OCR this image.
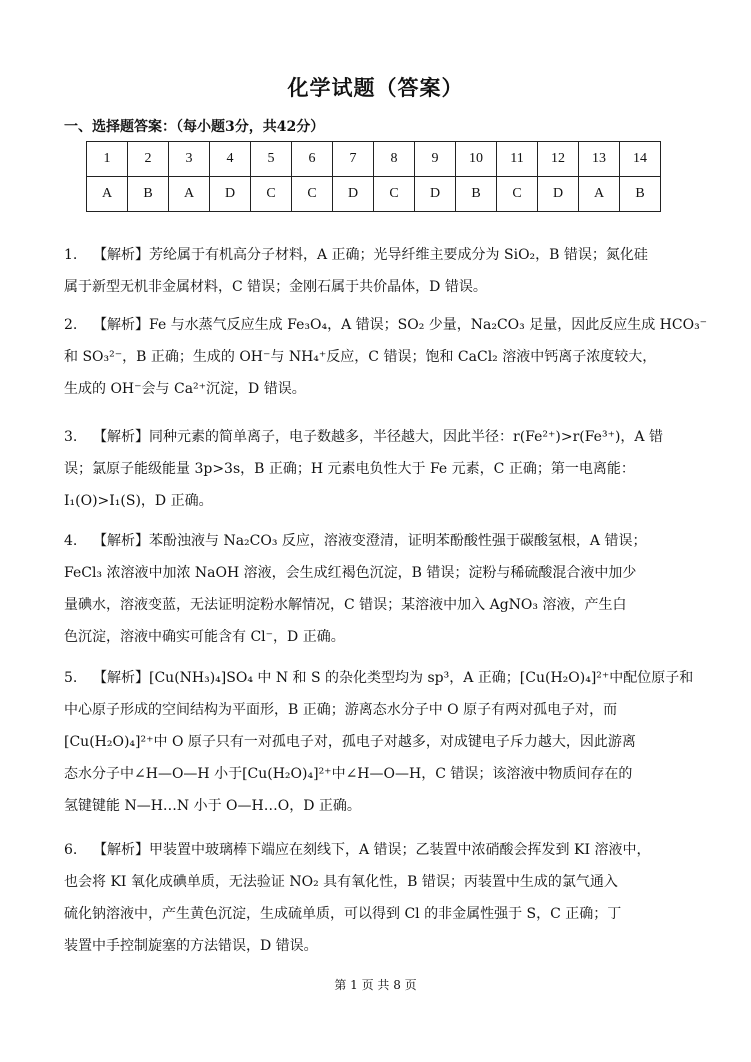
化学试题（答案）
一、选择题答案：（每小题3分，共42分）
1	2	3	4	5	6	7	8	9	10	11	12	13	14
A	B	A	D	C	C	D	C	D	B	C	D	A	B
1.	【解析】芳纶属于有机高分子材料，A 正确；光导纤维主要成分为 SiO₂，B 错误；氮化硅
属于新型无机非金属材料，C 错误；金刚石属于共价晶体，D 错误。
2.	【解析】Fe 与水蒸气反应生成 Fe₃O₄，A 错误；SO₂ 少量，Na₂CO₃ 足量，因此反应生成 HCO₃⁻
和 SO₃²⁻，B 正确；生成的 OH⁻与 NH₄⁺反应，C 错误；饱和 CaCl₂ 溶液中钙离子浓度较大，
生成的 OH⁻会与 Ca²⁺沉淀，D 错误。
3.	【解析】同种元素的简单离子，电子数越多，半径越大，因此半径：r(Fe²⁺)>r(Fe³⁺)，A 错
误；氯原子能级能量 3p>3s，B 正确；H 元素电负性大于 Fe 元素，C 正确；第一电离能：
I₁(O)>I₁(S)，D 正确。
4.	【解析】苯酚浊液与 Na₂CO₃ 反应，溶液变澄清，证明苯酚酸性强于碳酸氢根，A 错误；
FeCl₃ 浓溶液中加浓 NaOH 溶液，会生成红褐色沉淀，B 错误；淀粉与稀硫酸混合液中加少
量碘水，溶液变蓝，无法证明淀粉水解情况，C 错误；某溶液中加入 AgNO₃ 溶液，产生白
色沉淀，溶液中确实可能含有 Cl⁻，D 正确。
5.	【解析】[Cu(NH₃)₄]SO₄ 中 N 和 S 的杂化类型均为 sp³，A 正确；[Cu(H₂O)₄]²⁺中配位原子和
中心原子形成的空间结构为平面形，B 正确；游离态水分子中 O 原子有两对孤电子对，而
[Cu(H₂O)₄]²⁺中 O 原子只有一对孤电子对，孤电子对越多，对成键电子斥力越大，因此游离
态水分子中∠H—O—H 小于[Cu(H₂O)₄]²⁺中∠H—O—H，C 错误；该溶液中物质间存在的
氢键键能 N—H…N 小于 O—H…O，D 正确。
6.	【解析】甲装置中玻璃棒下端应在刻线下，A 错误；乙装置中浓硝酸会挥发到 KI 溶液中，
也会将 KI 氧化成碘单质，无法验证 NO₂ 具有氧化性，B 错误；丙装置中生成的氯气通入
硫化钠溶液中，产生黄色沉淀，生成硫单质，可以得到 Cl 的非金属性强于 S，C 正确；丁
装置中手控制旋塞的方法错误，D 错误。
第 1 页 共 8 页
